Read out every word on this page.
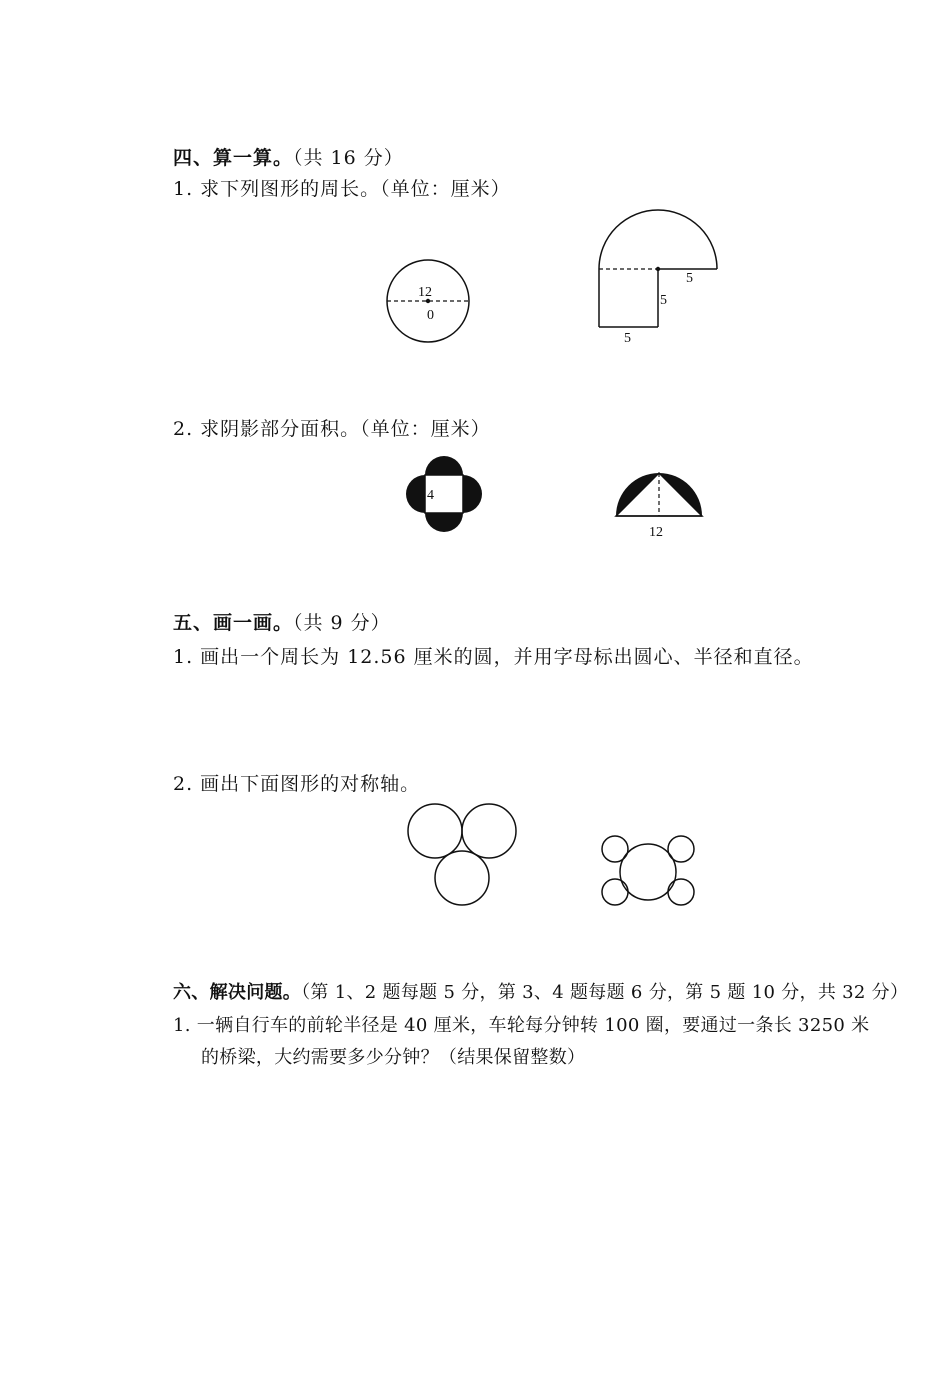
四、算一算。（共 16 分）
1. 求下列图形的周长。（单位：厘米）
12
0
5
5
5
2. 求阴影部分面积。（单位：厘米）
4
12
五、画一画。（共 9 分）
1. 画出一个周长为 12.56 厘米的圆，并用字母标出圆心、半径和直径。
2. 画出下面图形的对称轴。
六、解决问题。（第 1、2 题每题 5 分，第 3、4 题每题 6 分，第 5 题 10 分，共 32 分）
1. 一辆自行车的前轮半径是 40 厘米，车轮每分钟转 100 圈，要通过一条长 3250 米
的桥梁，大约需要多少分钟？（结果保留整数）
